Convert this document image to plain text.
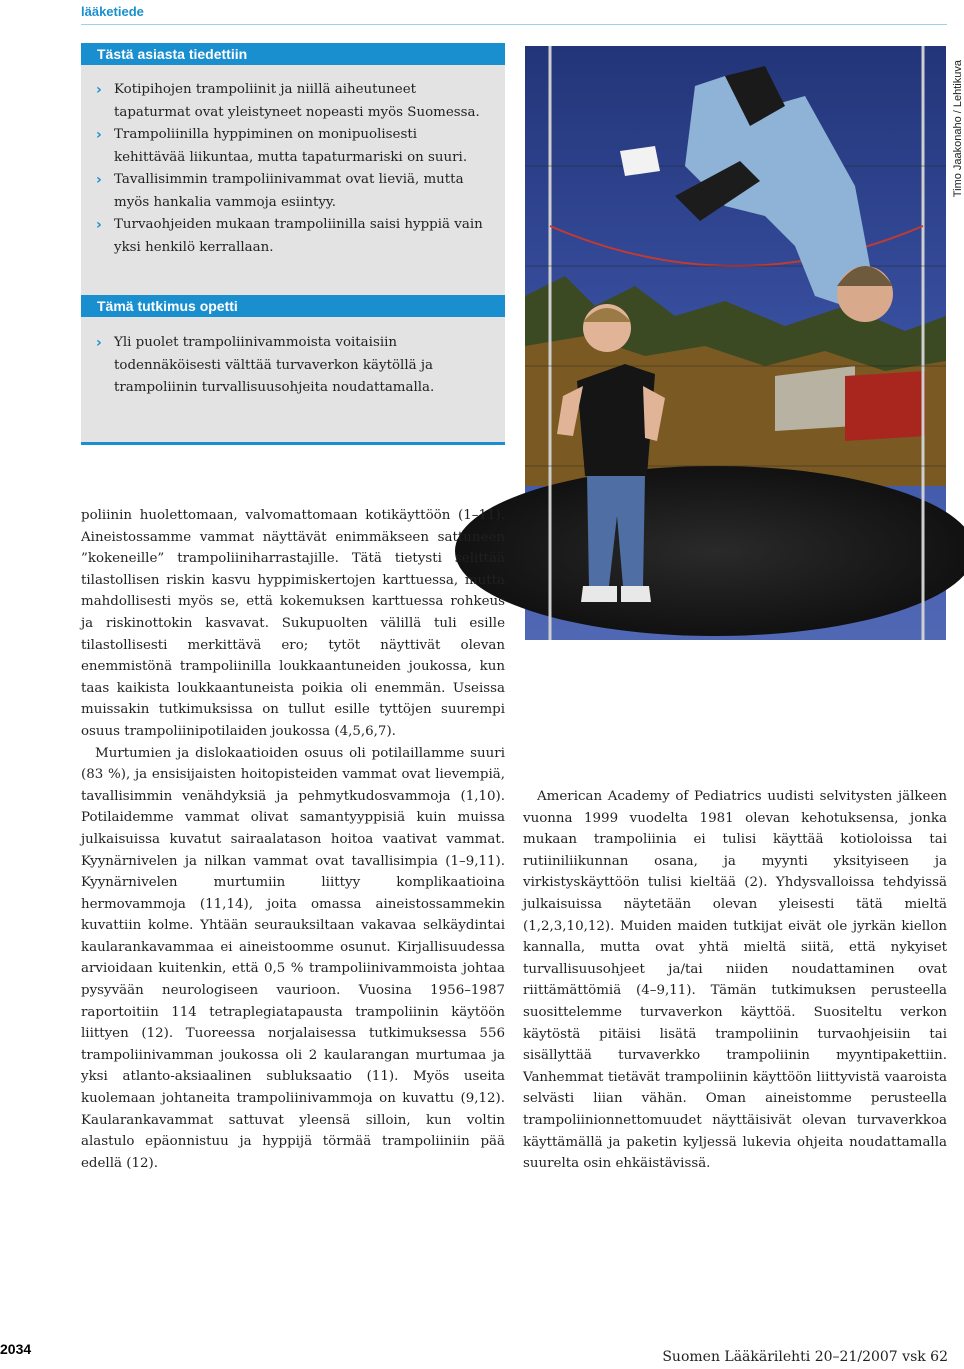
lääketiede
Tästä asiasta tiedettiin
› Kotipihojen trampoliinit ja niillä aiheutuneet tapaturmat ovat yleistyneet nopeasti myös Suomessa.
› Trampoliinilla hyppiminen on monipuolisesti kehittävää liikuntaa, mutta tapaturmariski on suuri.
› Tavallisimmin trampoliinivammat ovat lieviä, mutta myös hankalia vammoja esiintyy.
› Turvaohjeiden mukaan trampoliinilla saisi hyppiä vain yksi henkilö kerrallaan.
Tämä tutkimus opetti
› Yli puolet trampoliinivammoista voitaisiin todennäköisesti välttää turvaverkon käytöllä ja trampoliinin turvallisuusohjeita noudattamalla.
Timo Jaakonaho / Lehtikuva

poliinin huolettomaan, valvomattomaan kotikäyttöön (1–11). Aineistossamme vammat näyttävät enimmäkseen sattuneen ”kokeneille” trampoliiniharrastajille. Tätä tietysti selittää tilastollisen riskin kasvu hyppimiskertojen karttuessa, mutta mahdollisesti myös se, että kokemuksen karttuessa rohkeus ja riskinottokin kasvavat. Sukupuolten välillä tuli esille tilastollisesti merkittävä ero; tytöt näyttivät olevan enemmistönä trampoliinilla loukkaantuneiden joukossa, kun taas kaikista loukkaantuneista poikia oli enemmän. Useissa muissakin tutkimuksissa on tullut esille tyttöjen suurempi osuus trampoliinipotilaiden joukossa (4,5,6,7).

Murtumien ja dislokaatioiden osuus oli potilaillamme suuri (83 %), ja ensisijaisten hoitopisteiden vammat ovat lievempiä, tavallisimmin venähdyksiä ja pehmytkudosvammoja (1,10). Potilaidemme vammat olivat samantyyppisiä kuin muissa julkaisuissa kuvatut sairaalatason hoitoa vaativat vammat. Kyynärnivelen ja nilkan vammat ovat tavallisimpia (1–9,11). Kyynärnivelen murtumiin liittyy komplikaatioina hermovammoja (11,14), joita omassa aineistossammekin kuvattiin kolme. Yhtään seurauksiltaan vakavaa selkäydintai kaularankavammaa ei aineistoomme osunut. Kirjallisuudessa arvioidaan kuitenkin, että 0,5 % trampoliinivammoista johtaa pysyvään neurologiseen vaurioon. Vuosina 1956–1987 raportoitiin 114 tetraplegiatapausta trampoliinin käytöön liittyen (12). Tuoreessa norjalaisessa tutkimuksessa 556 trampoliinivamman joukossa oli 2 kaularangan murtumaa ja yksi atlanto-aksiaalinen subluksaatio (11). Myös useita kuolemaan johtaneita trampoliinivammoja on kuvattu (9,12). Kaularankavammat sattuvat yleensä silloin, kun voltin alastulo epäonnistuu ja hyppijä törmää trampoliiniin pää edellä (12).

American Academy of Pediatrics uudisti selvitysten jälkeen vuonna 1999 vuodelta 1981 olevan kehotuksensa, jonka mukaan trampoliinia ei tulisi käyttää kotioloissa tai rutiiniliikunnan osana, ja myynti yksityiseen ja virkistyskäyttöön tulisi kieltää (2). Yhdysvalloissa tehdyissä julkaisuissa näytetään olevan yleisesti tätä mieltä (1,2,3,10,12). Muiden maiden tutkijat eivät ole jyrkän kiellon kannalla, mutta ovat yhtä mieltä siitä, että nykyiset turvallisuusohjeet ja/tai niiden noudattaminen ovat riittämättömiä (4–9,11). Tämän tutkimuksen perusteella suosittelemme turvaverkon käyttöä. Suositeltu verkon käytöstä pitäisi lisätä trampoliinin turvaohjeisiin tai sisällyttää turvaverkko trampoliinin myyntipakettiin. Vanhemmat tietävät trampoliinin käyttöön liittyvistä vaaroista selvästi liian vähän. Oman aineistomme perusteella trampoliinionnettomuudet näyttäisivät olevan turvaverkkoa käyttämällä ja paketin kyljessä lukevia ohjeita noudattamalla suurelta osin ehkäistävissä.

2034	Suomen Lääkärilehti 20–21/2007 vsk 62
